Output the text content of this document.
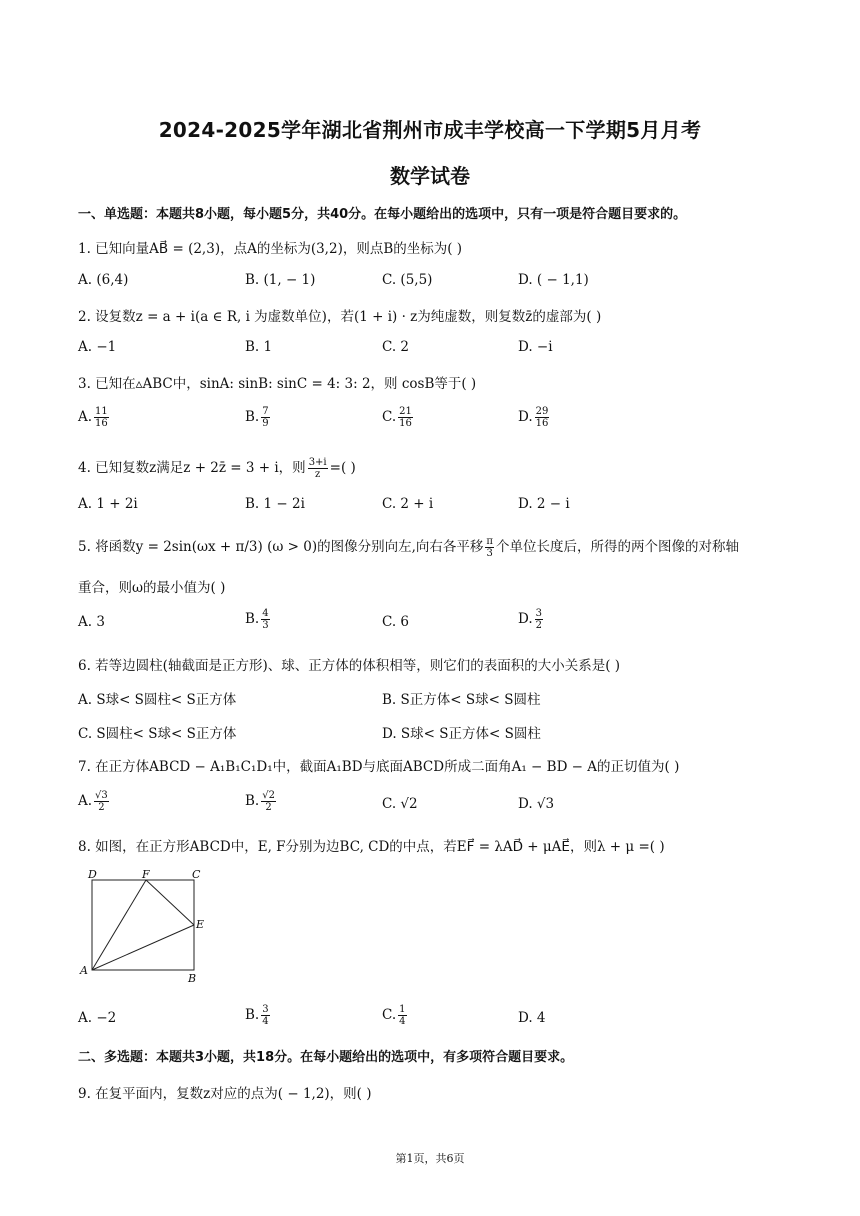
2024-2025学年湖北省荆州市成丰学校高一下学期5月月考
数学试卷
一、单选题：本题共8小题，每小题5分，共40分。在每小题给出的选项中，只有一项是符合题目要求的。
1. 已知向量AB⃗ = (2,3)，点A的坐标为(3,2)，则点B的坐标为( )
A. (6,4)	B. (1, − 1)	C. (5,5)	D. ( − 1,1)
2. 设复数z = a + i(a ∈ R, i 为虚数单位)，若(1 + i) · z为纯虚数，则复数z̄的虚部为( )
A. −1	B. 1	C. 2	D. −i
3. 已知在▵ABC中，sinA: sinB: sinC = 4: 3: 2，则 cosB等于( )
A. $\frac{11}{16}$	B. $\frac{7}{9}$	C. $\frac{21}{16}$	D. $\frac{29}{16}$
4. 已知复数z满足z + 2z̄ = 3 + i，则 $\frac{3+i}{z}$ =( )
A. 1 + 2i	B. 1 − 2i	C. 2 + i	D. 2 − i
5. 将函数y = 2sin(ωx + π/3) (ω > 0)的图像分别向左,向右各平移 $\frac{\pi}{3}$ 个单位长度后，所得的两个图像的对称轴
重合，则ω的最小值为( )
A. 3	B. $\frac{4}{3}$	C. 6	D. $\frac{3}{2}$
6. 若等边圆柱(轴截面是正方形)、球、正方体的体积相等，则它们的表面积的大小关系是( )
A. S球< S圆柱< S正方体	B. S正方体< S球< S圆柱
C. S圆柱< S球< S正方体	D. S球< S正方体< S圆柱
7. 在正方体ABCD − A₁B₁C₁D₁中，截面A₁BD与底面ABCD所成二面角A₁ − BD − A的正切值为( )
A. $\frac{√3}{2}$	B. $\frac{√2}{2}$	C. √2	D. √3
8. 如图，在正方形ABCD中，E, F分别为边BC, CD的中点，若EF⃗ = λAD⃗ + μAE⃗，则λ + μ =( )
D	F	C
E
A
B
A. −2	B. $\frac{3}{4}$	C. $\frac{1}{4}$	D. 4
二、多选题：本题共3小题，共18分。在每小题给出的选项中，有多项符合题目要求。
9. 在复平面内，复数z对应的点为( − 1,2)，则( )
第1页，共6页
